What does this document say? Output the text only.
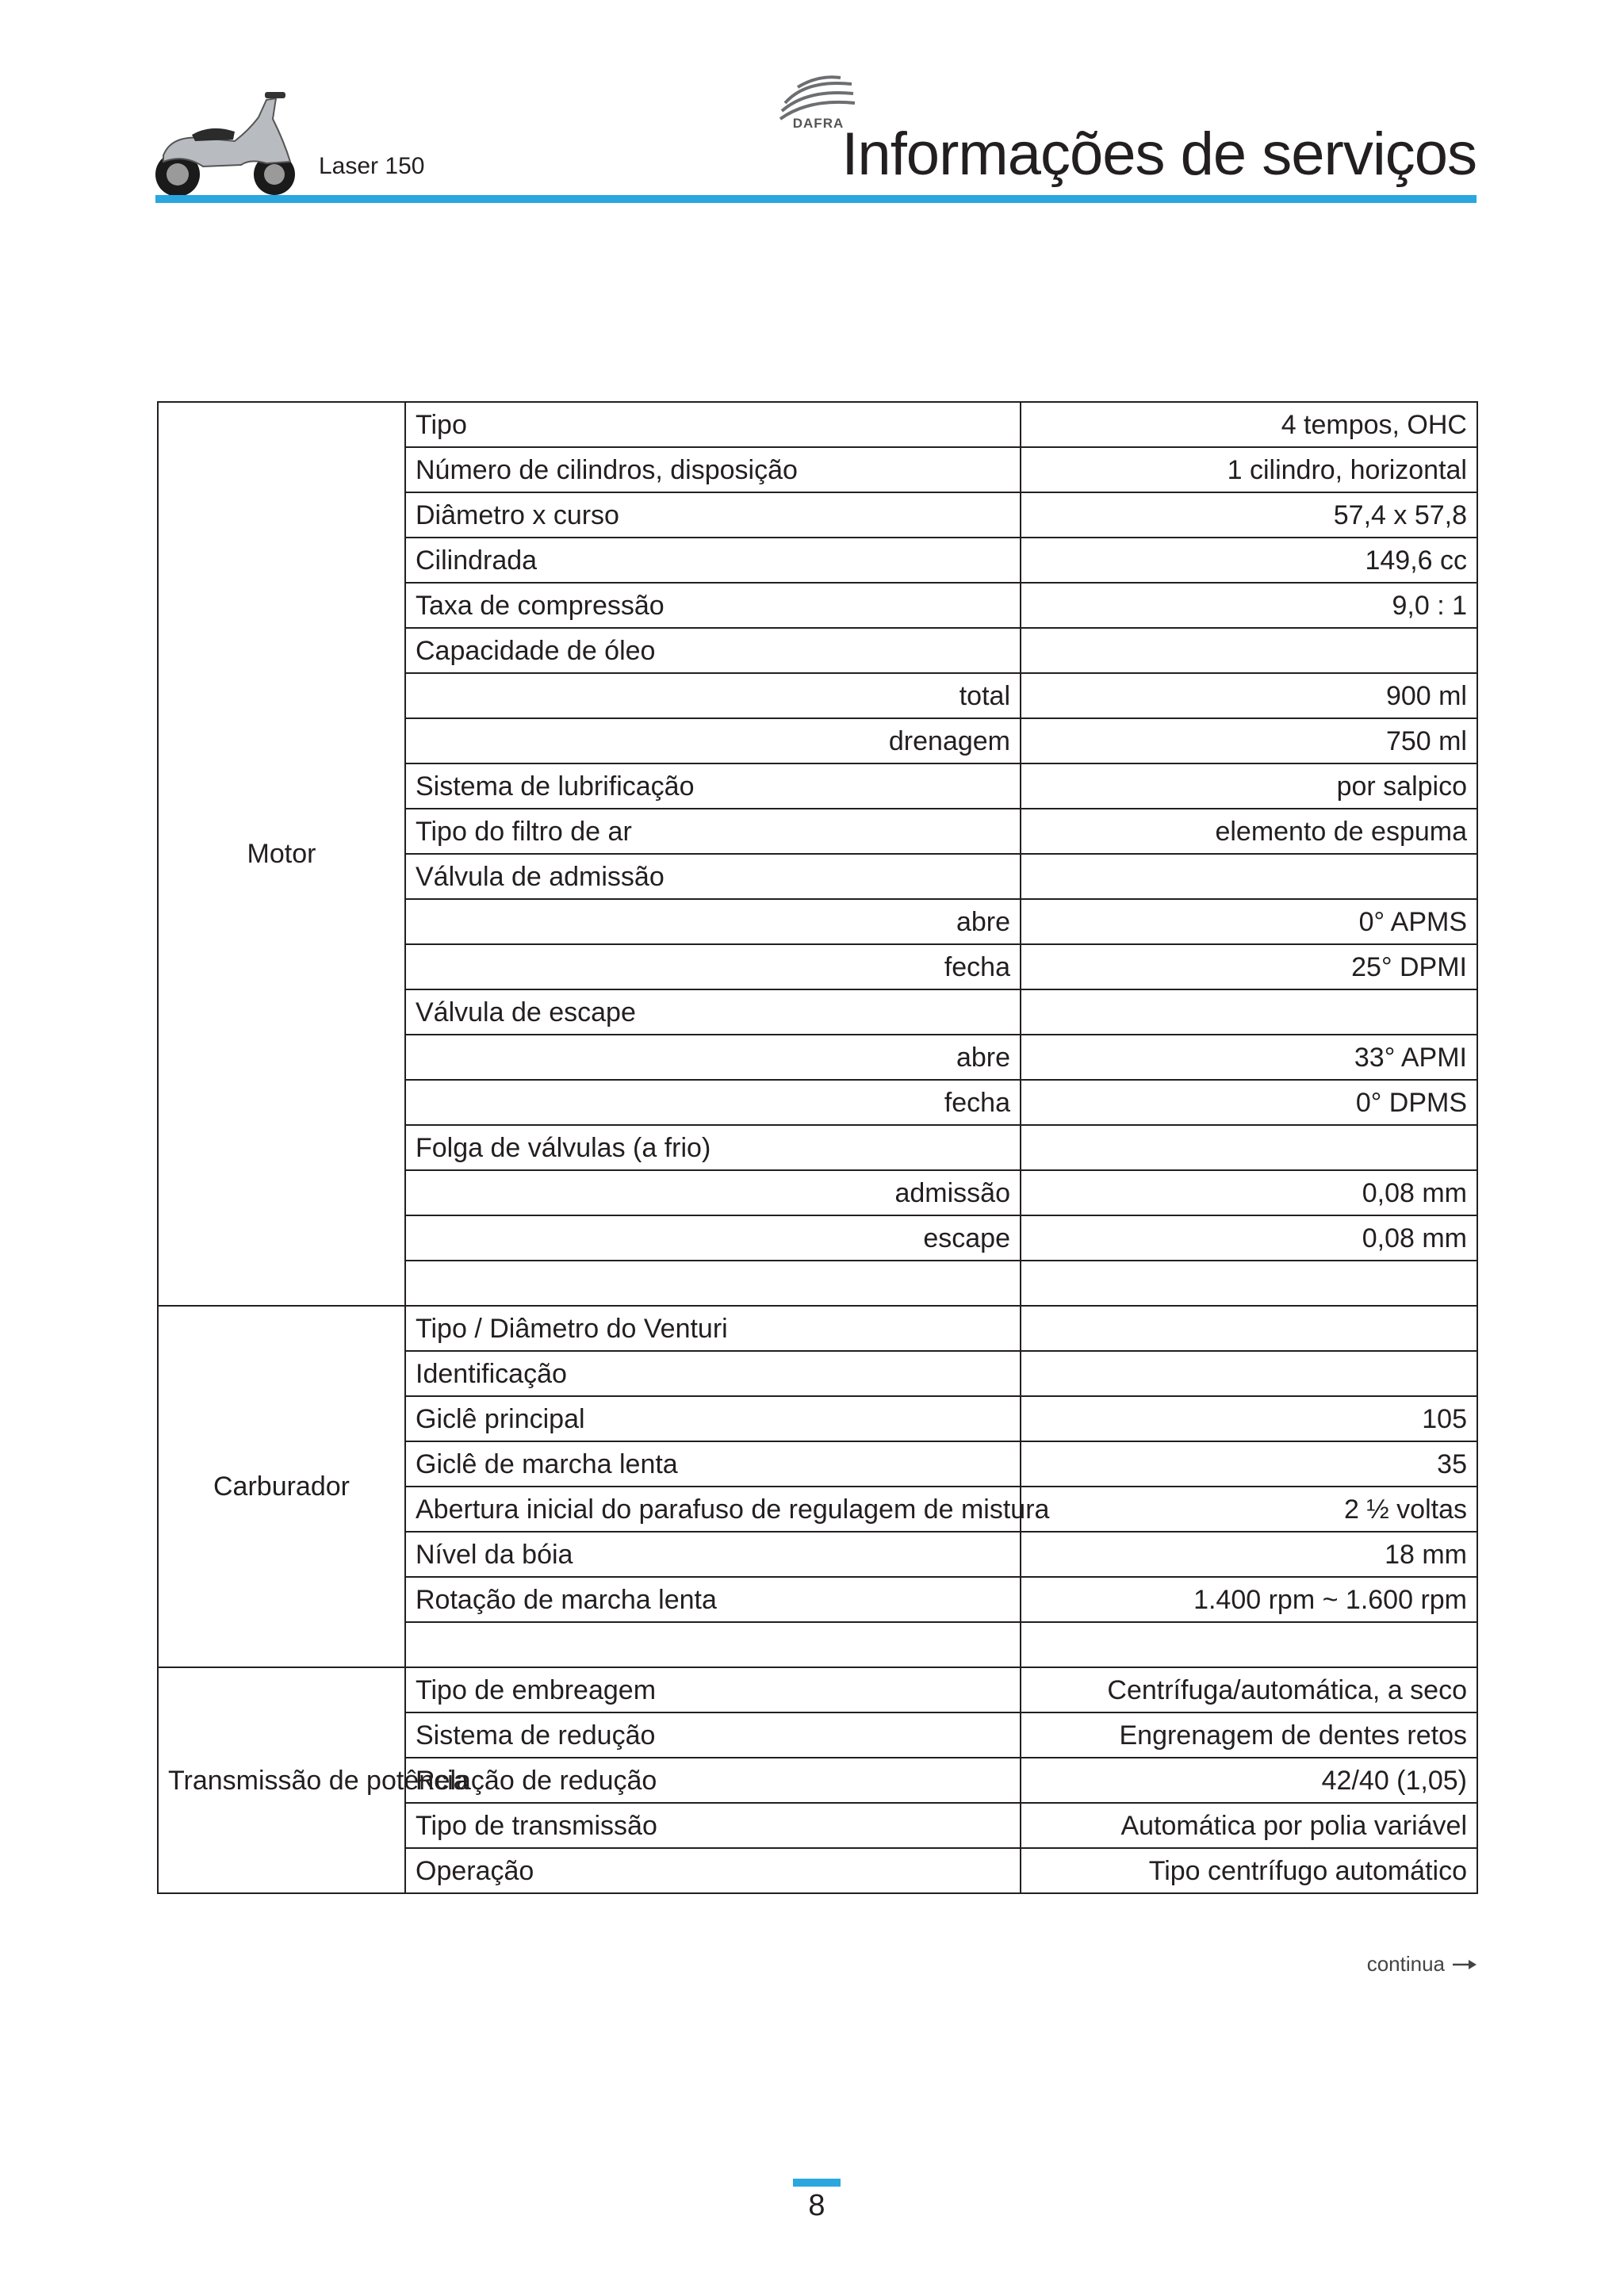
Laser 150
DAFRA
Informações de serviços
Motor	Tipo	4 tempos, OHC
	Número de cilindros, disposição	1 cilindro, horizontal
	Diâmetro x curso	57,4 x 57,8
	Cilindrada	149,6 cc
	Taxa de compressão	9,0 : 1
	Capacidade de óleo	
	total	900 ml
	drenagem	750 ml
	Sistema de lubrificação	por salpico
	Tipo do filtro de ar	elemento de espuma
	Válvula de admissão	
	abre	0° APMS
	fecha	25° DPMI
	Válvula de escape	
	abre	33° APMI
	fecha	0° DPMS
	Folga de válvulas (a frio)	
	admissão	0,08 mm
	escape	0,08 mm

Carburador	Tipo / Diâmetro do Venturi	
	Identificação	
	Giclê principal	105
	Giclê de marcha lenta	35
	Abertura inicial do parafuso de regulagem de mistura	2 ½ voltas
	Nível da bóia	18 mm
	Rotação de marcha lenta	1.400 rpm ~ 1.600 rpm

Transmissão de potência	Tipo de embreagem	Centrífuga/automática, a seco
	Sistema de redução	Engrenagem de dentes retos
	Relação de redução	42/40 (1,05)
	Tipo de transmissão	Automática por polia variável
	Operação	Tipo centrífugo automático
continua
8
